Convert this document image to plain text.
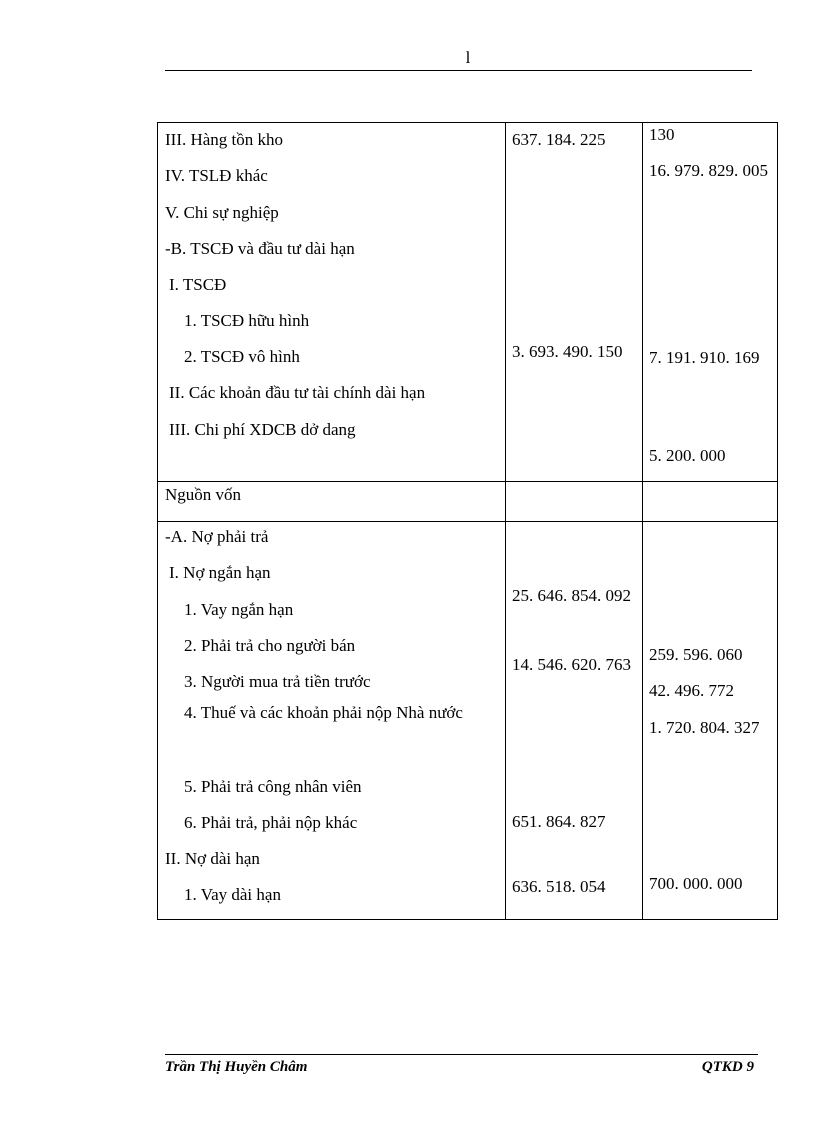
l
III. Hàng tồn kho
IV. TSLĐ khác
V. Chi sự nghiệp
-B. TSCĐ và đầu tư dài hạn
I. TSCĐ
1. TSCĐ hữu hình
2. TSCĐ vô hình
II. Các khoản đầu tư tài chính dài hạn
III. Chi phí XDCB dở dang
637. 184. 225
3. 693. 490. 150
130
16. 979. 829. 005
7. 191. 910. 169
5. 200. 000
Nguồn vốn
-A. Nợ phải trả
I. Nợ ngắn hạn
1. Vay ngắn hạn
2. Phải trả cho người bán
3. Người mua trả tiền trước
4. Thuế và các khoản phải nộp Nhà nước
5. Phải trả công nhân viên
6. Phải trả, phải nộp khác
II. Nợ dài hạn
1. Vay dài hạn
25. 646. 854. 092
14. 546. 620. 763
651. 864. 827
636. 518. 054
259. 596. 060
42. 496. 772
1. 720. 804. 327
700. 000. 000
Trần Thị Huyền Châm	QTKD 9
